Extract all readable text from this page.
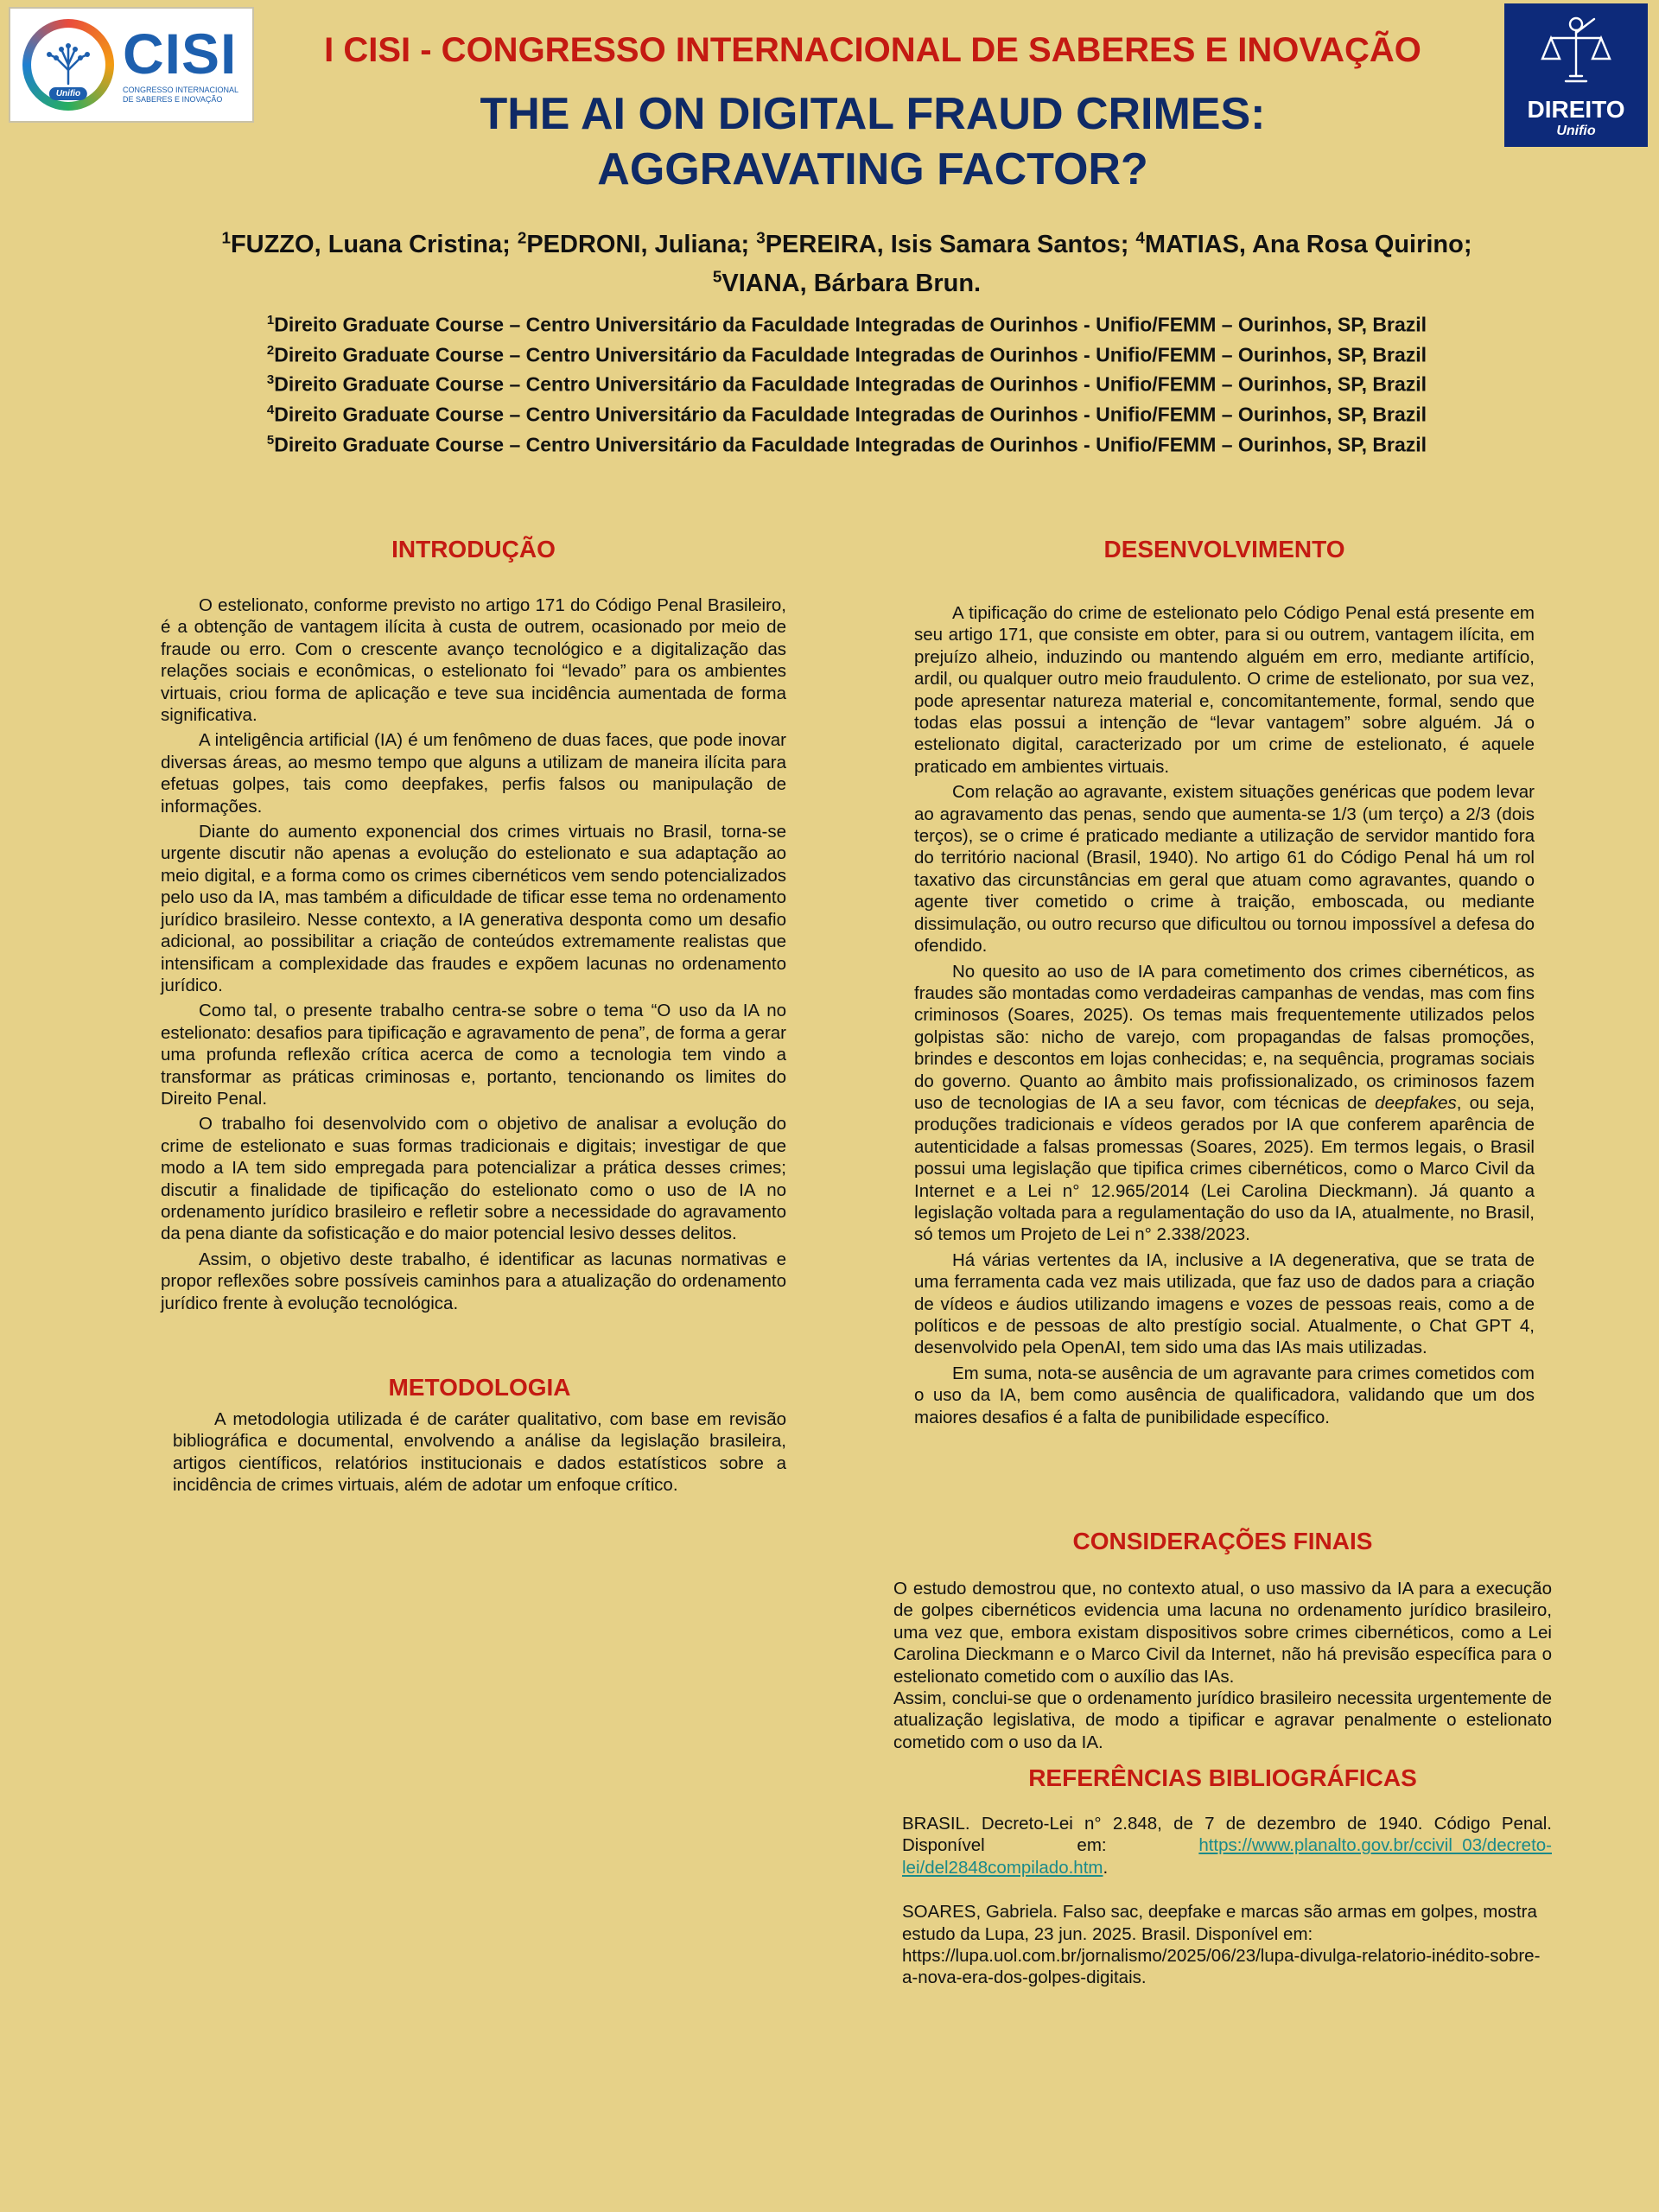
Unifio
CISI
CONGRESSO INTERNACIONAL
DE SABERES E INOVAÇÃO	DIREITO
Unifio
I CISI - CONGRESSO INTERNACIONAL DE SABERES E INOVAÇÃO
THE AI ON DIGITAL FRAUD CRIMES:
AGGRAVATING FACTOR?
$^1$FUZZO, Luana Cristina; $^2$PEDRONI, Juliana; $^3$PEREIRA, Isis Samara Santos; $^4$MATIAS, Ana Rosa Quirino;
$^5$VIANA, Bárbara Brun.
$^1$Direito Graduate Course – Centro Universitário da Faculdade Integradas de Ourinhos - Unifio/FEMM – Ourinhos, SP, Brazil
$^2$Direito Graduate Course – Centro Universitário da Faculdade Integradas de Ourinhos - Unifio/FEMM – Ourinhos, SP, Brazil
$^3$Direito Graduate Course – Centro Universitário da Faculdade Integradas de Ourinhos - Unifio/FEMM – Ourinhos, SP, Brazil
$^4$Direito Graduate Course – Centro Universitário da Faculdade Integradas de Ourinhos - Unifio/FEMM – Ourinhos, SP, Brazil
$^5$Direito Graduate Course – Centro Universitário da Faculdade Integradas de Ourinhos - Unifio/FEMM – Ourinhos, SP, Brazil
INTRODUÇÃO

O estelionato, conforme previsto no artigo 171 do Código Penal Brasileiro, é a obtenção de vantagem ilícita à custa de outrem, ocasionado por meio de fraude ou erro. Com o crescente avanço tecnológico e a digitalização das relações sociais e econômicas, o estelionato foi “levado” para os ambientes virtuais, criou forma de aplicação e teve sua incidência aumentada de forma significativa.

A inteligência artificial (IA) é um fenômeno de duas faces, que pode inovar diversas áreas, ao mesmo tempo que alguns a utilizam de maneira ilícita para efetuas golpes, tais como deepfakes, perfis falsos ou manipulação de informações.

Diante do aumento exponencial dos crimes virtuais no Brasil, torna-se urgente discutir não apenas a evolução do estelionato e sua adaptação ao meio digital, e a forma como os crimes cibernéticos vem sendo potencializados pelo uso da IA, mas também a dificuldade de tificar esse tema no ordenamento jurídico brasileiro. Nesse contexto, a IA generativa desponta como um desafio adicional, ao possibilitar a criação de conteúdos extremamente realistas que intensificam a complexidade das fraudes e expõem lacunas no ordenamento jurídico.

Como tal, o presente trabalho centra-se sobre o tema “O uso da IA no estelionato: desafios para tipificação e agravamento de pena”, de forma a gerar uma profunda reflexão crítica acerca de como a tecnologia tem vindo a transformar as práticas criminosas e, portanto, tencionando os limites do Direito Penal.

O trabalho foi desenvolvido com o objetivo de analisar a evolução do crime de estelionato e suas formas tradicionais e digitais; investigar de que modo a IA tem sido empregada para potencializar a prática desses crimes; discutir a finalidade de tipificação do estelionato como o uso de IA no ordenamento jurídico brasileiro e refletir sobre a necessidade do agravamento da pena diante da sofisticação e do maior potencial lesivo desses delitos.

Assim, o objetivo deste trabalho, é identificar as lacunas normativas e propor reflexões sobre possíveis caminhos para a atualização do ordenamento jurídico frente à evolução tecnológica.

METODOLOGIA

A metodologia utilizada é de caráter qualitativo, com base em revisão bibliográfica e documental, envolvendo a análise da legislação brasileira, artigos científicos, relatórios institucionais e dados estatísticos sobre a incidência de crimes virtuais, além de adotar um enfoque crítico.

DESENVOLVIMENTO

A tipificação do crime de estelionato pelo Código Penal está presente em seu artigo 171, que consiste em obter, para si ou outrem, vantagem ilícita, em prejuízo alheio, induzindo ou mantendo alguém em erro, mediante artifício, ardil, ou qualquer outro meio fraudulento. O crime de estelionato, por sua vez, pode apresentar natureza material e, concomitantemente, formal, sendo que todas elas possui a intenção de “levar vantagem” sobre alguém. Já o estelionato digital, caracterizado por um crime de estelionato, é aquele praticado em ambientes virtuais.

Com relação ao agravante, existem situações genéricas que podem levar ao agravamento das penas, sendo que aumenta-se 1/3 (um terço) a 2/3 (dois terços), se o crime é praticado mediante a utilização de servidor mantido fora do território nacional (Brasil, 1940). No artigo 61 do Código Penal há um rol taxativo das circunstâncias em geral que atuam como agravantes, quando o agente tiver cometido o crime à traição, emboscada, ou mediante dissimulação, ou outro recurso que dificultou ou tornou impossível a defesa do ofendido.

No quesito ao uso de IA para cometimento dos crimes cibernéticos, as fraudes são montadas como verdadeiras campanhas de vendas, mas com fins criminosos (Soares, 2025). Os temas mais frequentemente utilizados pelos golpistas são: nicho de varejo, com propagandas de falsas promoções, brindes e descontos em lojas conhecidas; e, na sequência, programas sociais do governo. Quanto ao âmbito mais profissionalizado, os criminosos fazem uso de tecnologias de IA a seu favor, com técnicas de deepfakes, ou seja, produções tradicionais e vídeos gerados por IA que conferem aparência de autenticidade a falsas promessas (Soares, 2025). Em termos legais, o Brasil possui uma legislação que tipifica crimes cibernéticos, como o Marco Civil da Internet e a Lei n° 12.965/2014 (Lei Carolina Dieckmann). Já quanto a legislação voltada para a regulamentação do uso da IA, atualmente, no Brasil, só temos um Projeto de Lei n° 2.338/2023.

Há várias vertentes da IA, inclusive a IA degenerativa, que se trata de uma ferramenta cada vez mais utilizada, que faz uso de dados para a criação de vídeos e áudios utilizando imagens e vozes de pessoas reais, como a de políticos e de pessoas de alto prestígio social. Atualmente, o Chat GPT 4, desenvolvido pela OpenAI, tem sido uma das IAs mais utilizadas.

Em suma, nota-se ausência de um agravante para crimes cometidos com o uso da IA, bem como ausência de qualificadora, validando que um dos maiores desafios é a falta de punibilidade específico.

CONSIDERAÇÕES FINAIS

O estudo demostrou que, no contexto atual, o uso massivo da IA para a execução de golpes cibernéticos evidencia uma lacuna no ordenamento jurídico brasileiro, uma vez que, embora existam dispositivos sobre crimes cibernéticos, como a Lei Carolina Dieckmann e o Marco Civil da Internet, não há previsão específica para o estelionato cometido com o auxílio das IAs.

Assim, conclui-se que o ordenamento jurídico brasileiro necessita urgentemente de atualização legislativa, de modo a tipificar e agravar penalmente o estelionato cometido com o uso da IA.

REFERÊNCIAS BIBLIOGRÁFICAS

BRASIL. Decreto-Lei n° 2.848, de 7 de dezembro de 1940. Código Penal. Disponível em: https://www.planalto.gov.br/ccivil_03/decreto-lei/del2848compilado.htm.

SOARES, Gabriela. Falso sac, deepfake e marcas são armas em golpes, mostra estudo da Lupa, 23 jun. 2025. Brasil. Disponível em: https://lupa.uol.com.br/jornalismo/2025/06/23/lupa-divulga-relatorio-inédito-sobre-a-nova-era-dos-golpes-digitais.
